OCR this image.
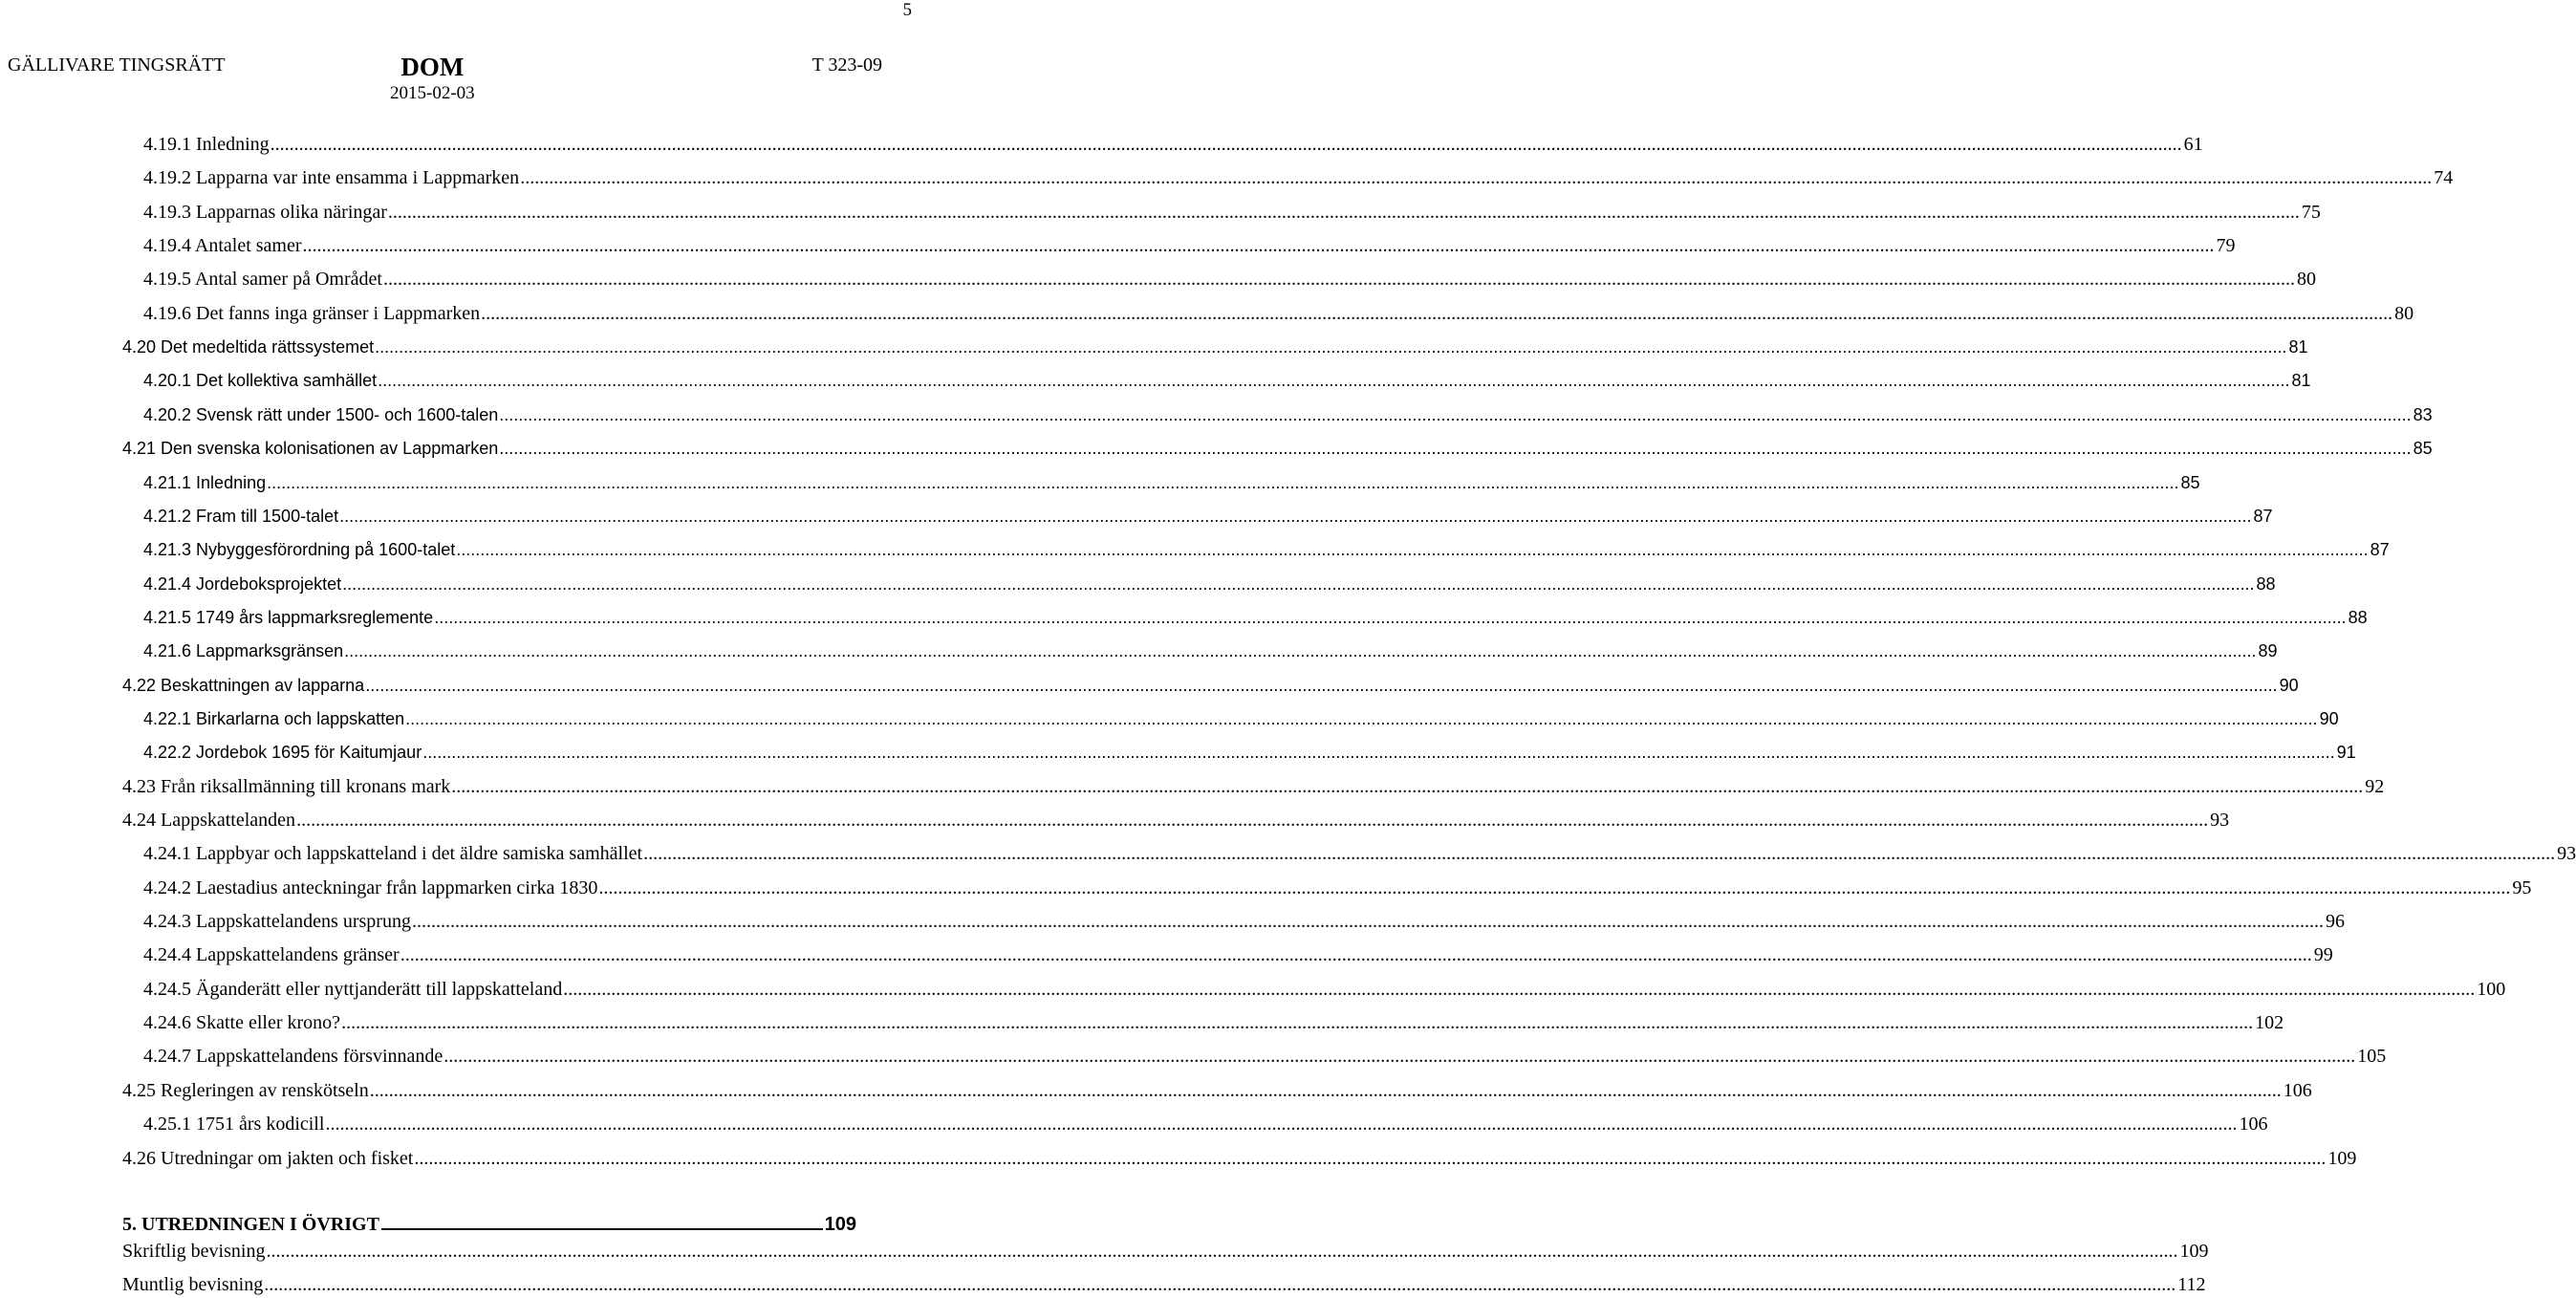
5
GÄLLIVARE TINGSRÄTT	DOM
2015-02-03
T 323-09
4.19.1 Inledning ................................................................................................................................................................................................................................................................................................................................................................................................................ 61
4.19.2 Lapparna var inte ensamma i Lappmarken ................................................................................................................................................................................................................................................................................................................................................................................................................ 74
4.19.3 Lapparnas olika näringar ................................................................................................................................................................................................................................................................................................................................................................................................................ 75
4.19.4 Antalet samer ................................................................................................................................................................................................................................................................................................................................................................................................................ 79
4.19.5 Antal samer på Området ................................................................................................................................................................................................................................................................................................................................................................................................................ 80
4.19.6 Det fanns inga gränser i Lappmarken ................................................................................................................................................................................................................................................................................................................................................................................................................ 80
4.20 Det medeltida rättssystemet ................................................................................................................................................................................................................................................................................................................................................................................................................ 81
4.20.1 Det kollektiva samhället ................................................................................................................................................................................................................................................................................................................................................................................................................ 81
4.20.2 Svensk rätt under 1500- och 1600-talen ................................................................................................................................................................................................................................................................................................................................................................................................................ 83
4.21 Den svenska kolonisationen av Lappmarken ................................................................................................................................................................................................................................................................................................................................................................................................................ 85
4.21.1 Inledning ................................................................................................................................................................................................................................................................................................................................................................................................................ 85
4.21.2 Fram till 1500-talet ................................................................................................................................................................................................................................................................................................................................................................................................................ 87
4.21.3 Nybyggesförordning på 1600-talet ................................................................................................................................................................................................................................................................................................................................................................................................................ 87
4.21.4 Jordeboksprojektet ................................................................................................................................................................................................................................................................................................................................................................................................................ 88
4.21.5 1749 års lappmarksreglemente ................................................................................................................................................................................................................................................................................................................................................................................................................ 88
4.21.6 Lappmarksgränsen ................................................................................................................................................................................................................................................................................................................................................................................................................ 89
4.22 Beskattningen av lapparna ................................................................................................................................................................................................................................................................................................................................................................................................................ 90
4.22.1 Birkarlarna och lappskatten ................................................................................................................................................................................................................................................................................................................................................................................................................ 90
4.22.2 Jordebok 1695 för Kaitumjaur ................................................................................................................................................................................................................................................................................................................................................................................................................ 91
4.23 Från riksallmänning till kronans mark ................................................................................................................................................................................................................................................................................................................................................................................................................ 92
4.24 Lappskattelanden ................................................................................................................................................................................................................................................................................................................................................................................................................ 93
4.24.1 Lappbyar och lappskatteland i det äldre samiska samhället ................................................................................................................................................................................................................................................................................................................................................................................................................ 93
4.24.2 Laestadius anteckningar från lappmarken cirka 1830 ................................................................................................................................................................................................................................................................................................................................................................................................................ 95
4.24.3 Lappskattelandens ursprung ................................................................................................................................................................................................................................................................................................................................................................................................................ 96
4.24.4 Lappskattelandens gränser ................................................................................................................................................................................................................................................................................................................................................................................................................ 99
4.24.5 Äganderätt eller nyttjanderätt till lappskatteland ................................................................................................................................................................................................................................................................................................................................................................................................................ 100
4.24.6 Skatte eller krono? ................................................................................................................................................................................................................................................................................................................................................................................................................ 102
4.24.7 Lappskattelandens försvinnande ................................................................................................................................................................................................................................................................................................................................................................................................................ 105
4.25 Regleringen av renskötseln ................................................................................................................................................................................................................................................................................................................................................................................................................ 106
4.25.1 1751 års kodicill ................................................................................................................................................................................................................................................................................................................................................................................................................ 106
4.26 Utredningar om jakten och fisket ................................................................................................................................................................................................................................................................................................................................................................................................................ 109
5. UTREDNINGEN I ÖVRIGT	109
Skriftlig bevisning ................................................................................................................................................................................................................................................................................................................................................................................................................ 109
Muntlig bevisning ................................................................................................................................................................................................................................................................................................................................................................................................................ 112
